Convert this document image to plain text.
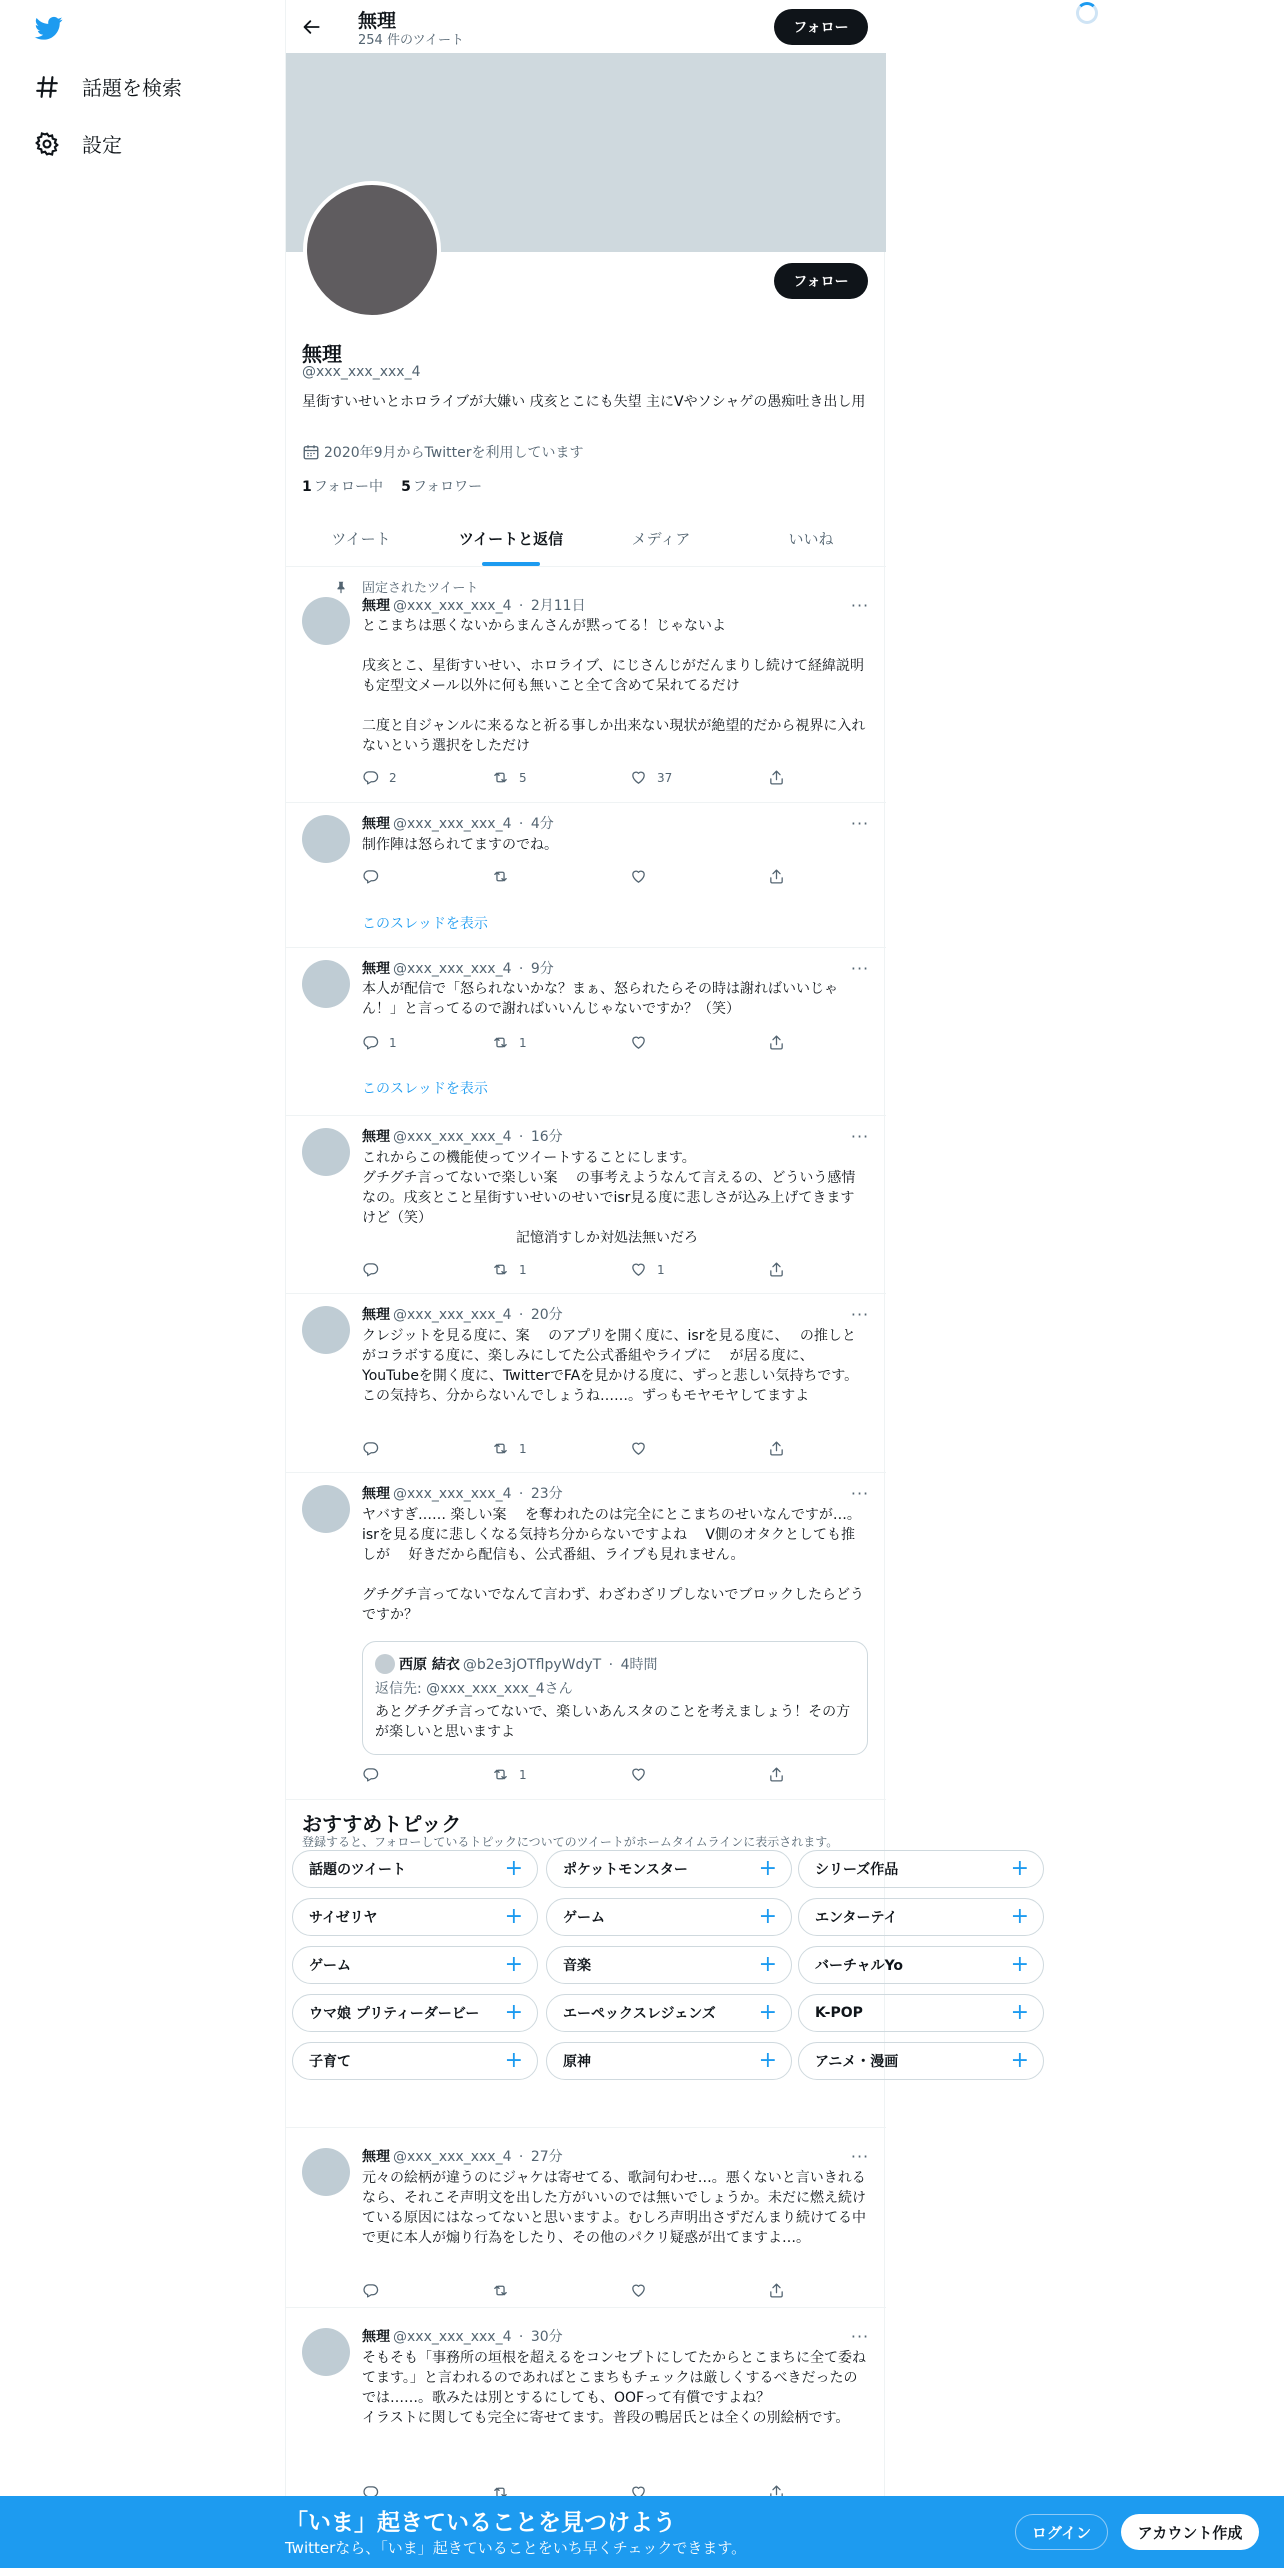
話題を検索
設定
無理
254 件のツイート
フォロー
フォロー
無理
@xxx_xxx_xxx_4
星街すいせいとホロライブが大嫌い 戌亥とこにも失望 主にVやソシャゲの愚痴吐き出し用
2020年9月からTwitterを利用しています
1 フォロー中 5 フォロワー
ツイート	ツイートと返信	メディア	いいね
固定されたツイート
無理 @xxx_xxx_xxx_4 · 2月11日	···
とこまちは悪くないからまんさんが黙ってる！じゃないよ

戌亥とこ、星街すいせい、ホロライブ、にじさんじがだんまりし続けて経緯説明も定型文メール以外に何も無いこと全て含めて呆れてるだけ

二度と自ジャンルに来るなと祈る事しか出来ない現状が絶望的だから視界に入れないという選択をしただけ
2	5	37
無理 @xxx_xxx_xxx_4 · 4分	···
制作陣は怒られてますのでね。
このスレッドを表示
無理 @xxx_xxx_xxx_4 · 9分	···
本人が配信で「怒られないかな？まぁ、怒られたらその時は謝ればいいじゃん！」と言ってるので謝ればいいんじゃないですか？（笑）
1	1
このスレッドを表示
無理 @xxx_xxx_xxx_4 · 16分	···
これからこの機能使ってツイートすることにします。
グチグチ言ってないで楽しい案　 の事考えようなんて言えるの、どういう感情なの。戌亥とこと星街すいせいのせいでisr見る度に悲しさが込み上げてきますけど（笑）
　　　　　　　　　　　記憶消すしか対処法無いだろ
1	1
無理 @xxx_xxx_xxx_4 · 20分	···
クレジットを見る度に、案　 のアプリを開く度に、isrを見る度に、　 の推しと　 がコラボする度に、楽しみにしてた公式番組やライブに　 が居る度に、YouTubeを開く度に、TwitterでFAを見かける度に、ずっと悲しい気持ちです。この気持ち、分からないんでしょうね……。ずっもモヤモヤしてますよ
1
無理 @xxx_xxx_xxx_4 · 23分	···
ヤバすぎ…… 楽しい案　 を奪われたのは完全にとこまちのせいなんですが…。isrを見る度に悲しくなる気持ち分からないですよね　 V側のオタクとしても推しが　 好きだから配信も、公式番組、ライブも見れません。

グチグチ言ってないでなんて言わず、わざわざリプしないでブロックしたらどうですか？
西原 結衣 @b2e3jOTflpyWdyT · 4時間
返信先: @xxx_xxx_xxx_4さん
あとグチグチ言ってないで、楽しいあんスタのことを考えましょう！その方が楽しいと思いますよ
1
おすすめトピック
登録すると、フォローしているトピックについてのツイートがホームタイムラインに表示されます。
話題のツイート	+	ポケットモンスター	+	シリーズ作品	+
サイゼリヤ	+	ゲーム	+	エンターテイ	+
ゲーム	+	音楽	+	バーチャルYo	+
ウマ娘 プリティーダービー +	エーペックスレジェンズ +	K-POP	+
子育て	+	原神	+	アニメ・漫画	+
無理 @xxx_xxx_xxx_4 · 27分	···
元々の絵柄が違うのにジャケは寄せてる、歌詞句わせ…。悪くないと言いきれるなら、それこそ声明文を出した方がいいのでは無いでしょうか。未だに燃え続けている原因にはなってないと思いますよ。むしろ声明出さずだんまり続けてる中で更に本人が煽り行為をしたり、その他のパクリ疑惑が出てますよ…。
無理 @xxx_xxx_xxx_4 · 30分	···
そもそも「事務所の垣根を超えるをコンセプトにしてたからとこまちに全て委ねてます。」と言われるのであればとこまちもチェックは厳しくするべきだったのでは……。歌みたは別とするにしても、OOFって有償ですよね？
イラストに関しても完全に寄せてます。普段の鴨居氏とは全くの別絵柄です。
「いま」起きていることを見つけよう
Twitterなら、「いま」起きていることをいち早くチェックできます。
ログイン	アカウント作成
